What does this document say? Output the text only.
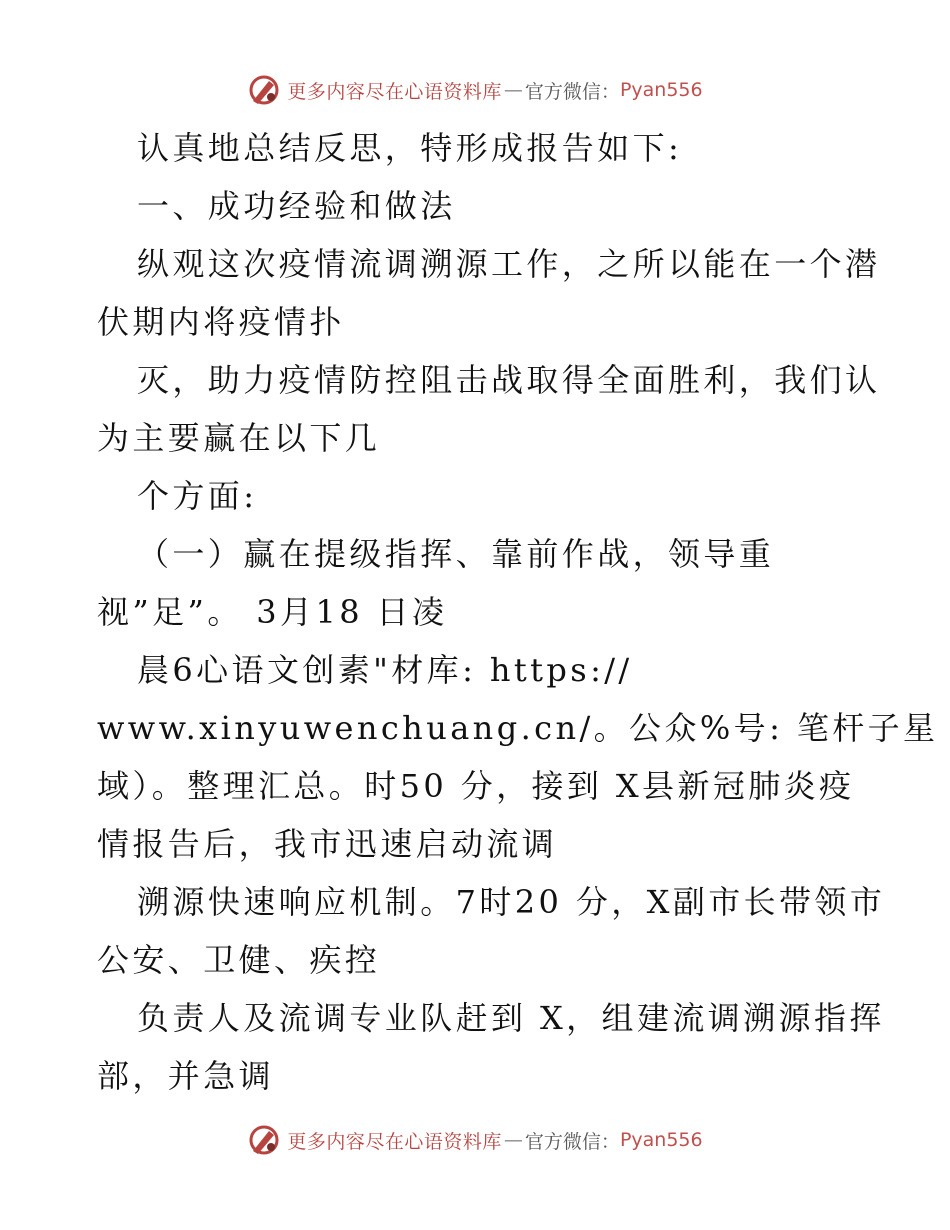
更多内容尽在心语资料库 — 官方微信 ： Pyan556
认真地总结反思，特形成报告如下:
一、成功经验和做法
纵观这次疫情流调溯源工作，之所以能在一个潜
伏期内将疫情扑
灭，助力疫情防控阻击战取得全面胜利，我们认
为主要赢在以下几
个方面:
（一）赢在提级指挥、靠前作战，领导重
视”足”。 3月18 日凌
晨6心语文创素"材库: https://
www.xinyuwenchuang.cn/。公众%号: 笔杆子星
域）。整理汇总。时50 分，接到 X县新冠肺炎疫
情报告后，我市迅速启动流调
溯源快速响应机制。7时20 分，X副市长带领市
公安、卫健、疾控
负责人及流调专业队赶到 X，组建流调溯源指挥
部，并急调
更多内容尽在心语资料库 — 官方微信 ： Pyan556
